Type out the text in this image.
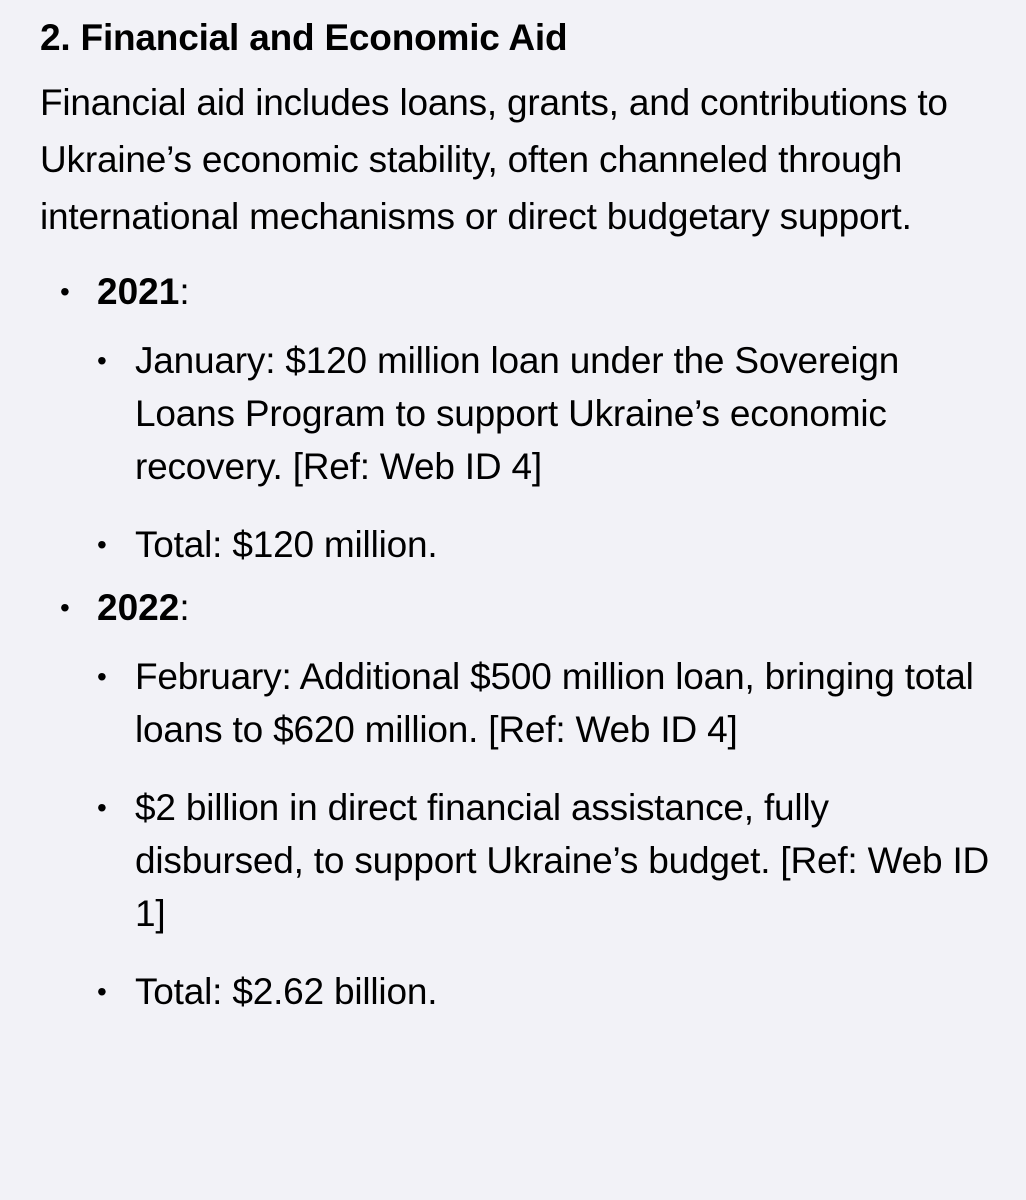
2. Financial and Economic Aid

Financial aid includes loans, grants, and contributions to Ukraine’s economic stability, often channeled through international mechanisms or direct budgetary support.

• 2021:
• January: $120 million loan under the Sovereign Loans Program to support Ukraine’s economic recovery. [Ref: Web ID 4]
• Total: $120 million.
• 2022:
• February: Additional $500 million loan, bringing total loans to $620 million. [Ref: Web ID 4]
• $2 billion in direct financial assistance, fully disbursed, to support Ukraine’s budget. [Ref: Web ID 1]
• Total: $2.62 billion.
